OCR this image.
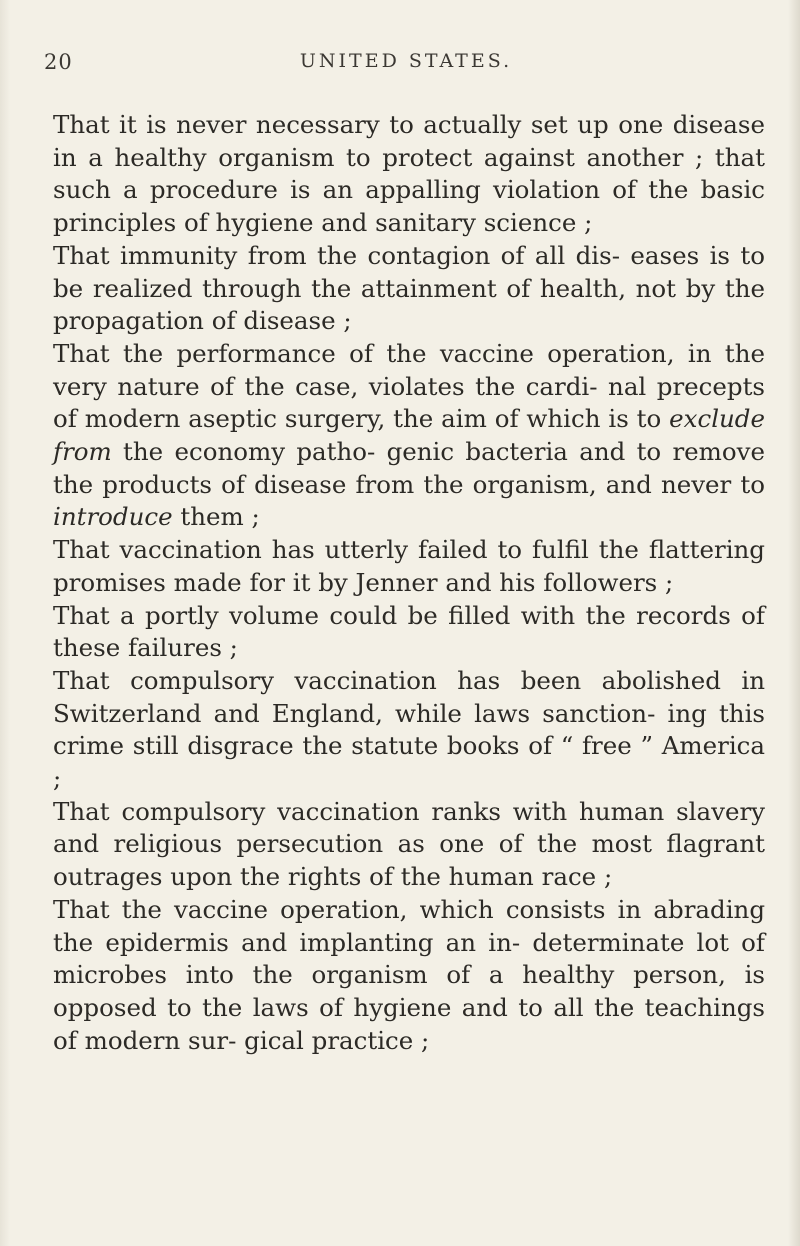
20	UNITED STATES.

That it is never necessary to actually set up one disease in a healthy organism to protect against another ; that such a procedure is an appalling violation of the basic principles of hygiene and sanitary science ;

That immunity from the contagion of all dis- eases is to be realized through the attainment of health, not by the propagation of disease ;

That the performance of the vaccine operation, in the very nature of the case, violates the cardi- nal precepts of modern aseptic surgery, the aim of which is to exclude from the economy patho- genic bacteria and to remove the products of disease from the organism, and never to introduce them ;

That vaccination has utterly failed to fulfil the flattering promises made for it by Jenner and his followers ;

That a portly volume could be filled with the records of these failures ;

That compulsory vaccination has been abolished in Switzerland and England, while laws sanction- ing this crime still disgrace the statute books of “ free ” America ;

That compulsory vaccination ranks with human slavery and religious persecution as one of the most flagrant outrages upon the rights of the human race ;

That the vaccine operation, which consists in abrading the epidermis and implanting an in- determinate lot of microbes into the organism of a healthy person, is opposed to the laws of hygiene and to all the teachings of modern sur- gical practice ;
